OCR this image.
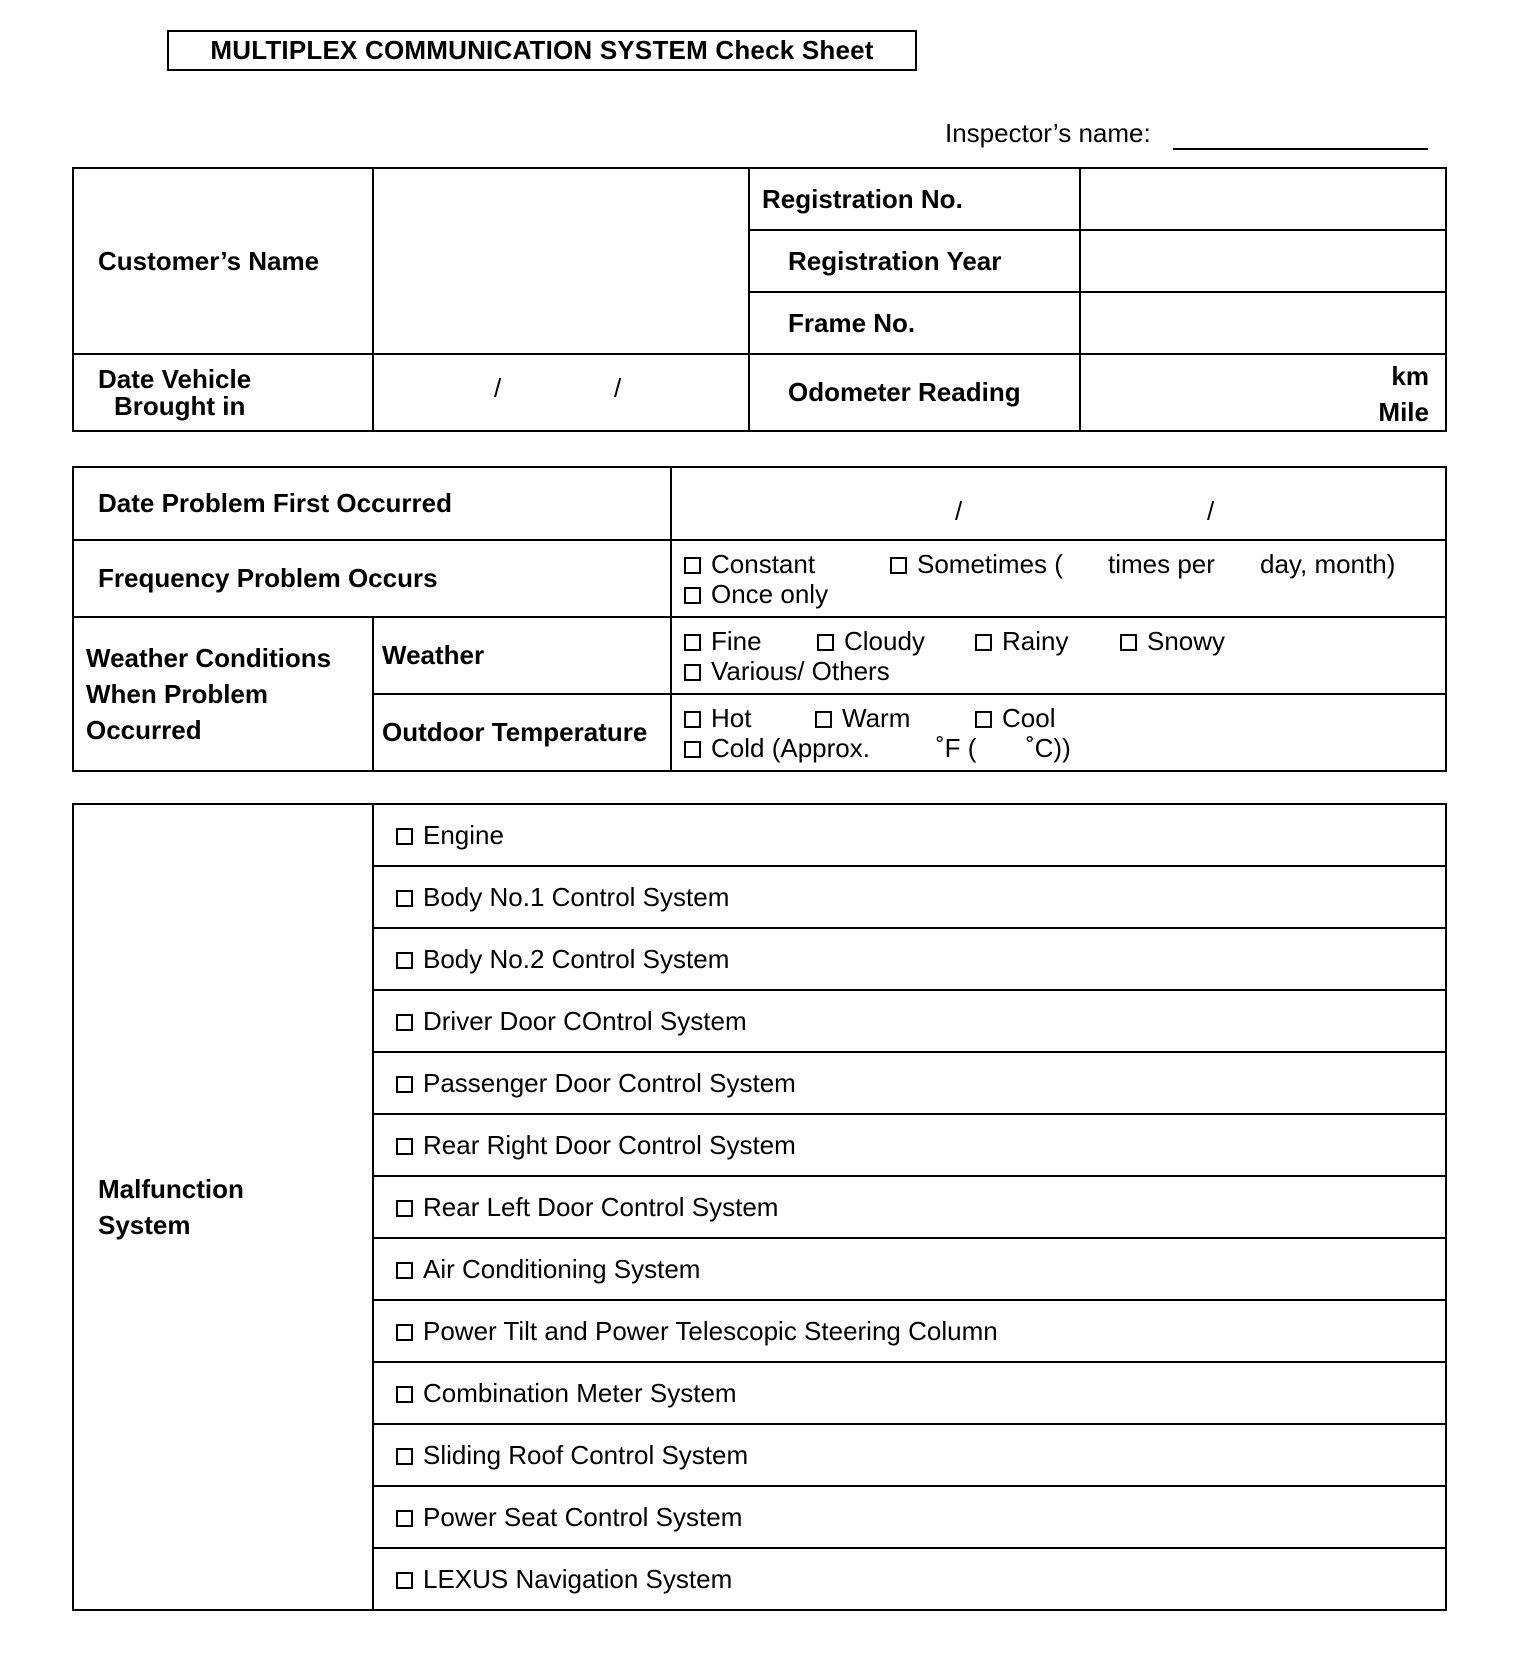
MULTIPLEX COMMUNICATION SYSTEM Check Sheet
Inspector’s name:
Customer’s Name		Registration No.	
		Registration Year	
		Frame No.	

Date Vehicle
Brought in	/ /	Odometer Reading	km
Mile
Date Problem First Occurred		/ /

Frequency Problem Occurs		Constant Sometimes ( times per day, month)
Once only

Weather Conditions
When Problem
Occurred	Weather	Fine Cloudy Rainy Snowy
Various/ Others

	Outdoor Temperature	Hot Warm Cool
Cold (Approx. ˚F ( ˚C))
Malfunction
System
	Engine
Body No.1 Control System
Body No.2 Control System
Driver Door COntrol System
Passenger Door Control System
Rear Right Door Control System
Rear Left Door Control System
Air Conditioning System
Power Tilt and Power Telescopic Steering Column
Combination Meter System
Sliding Roof Control System
Power Seat Control System
LEXUS Navigation System
